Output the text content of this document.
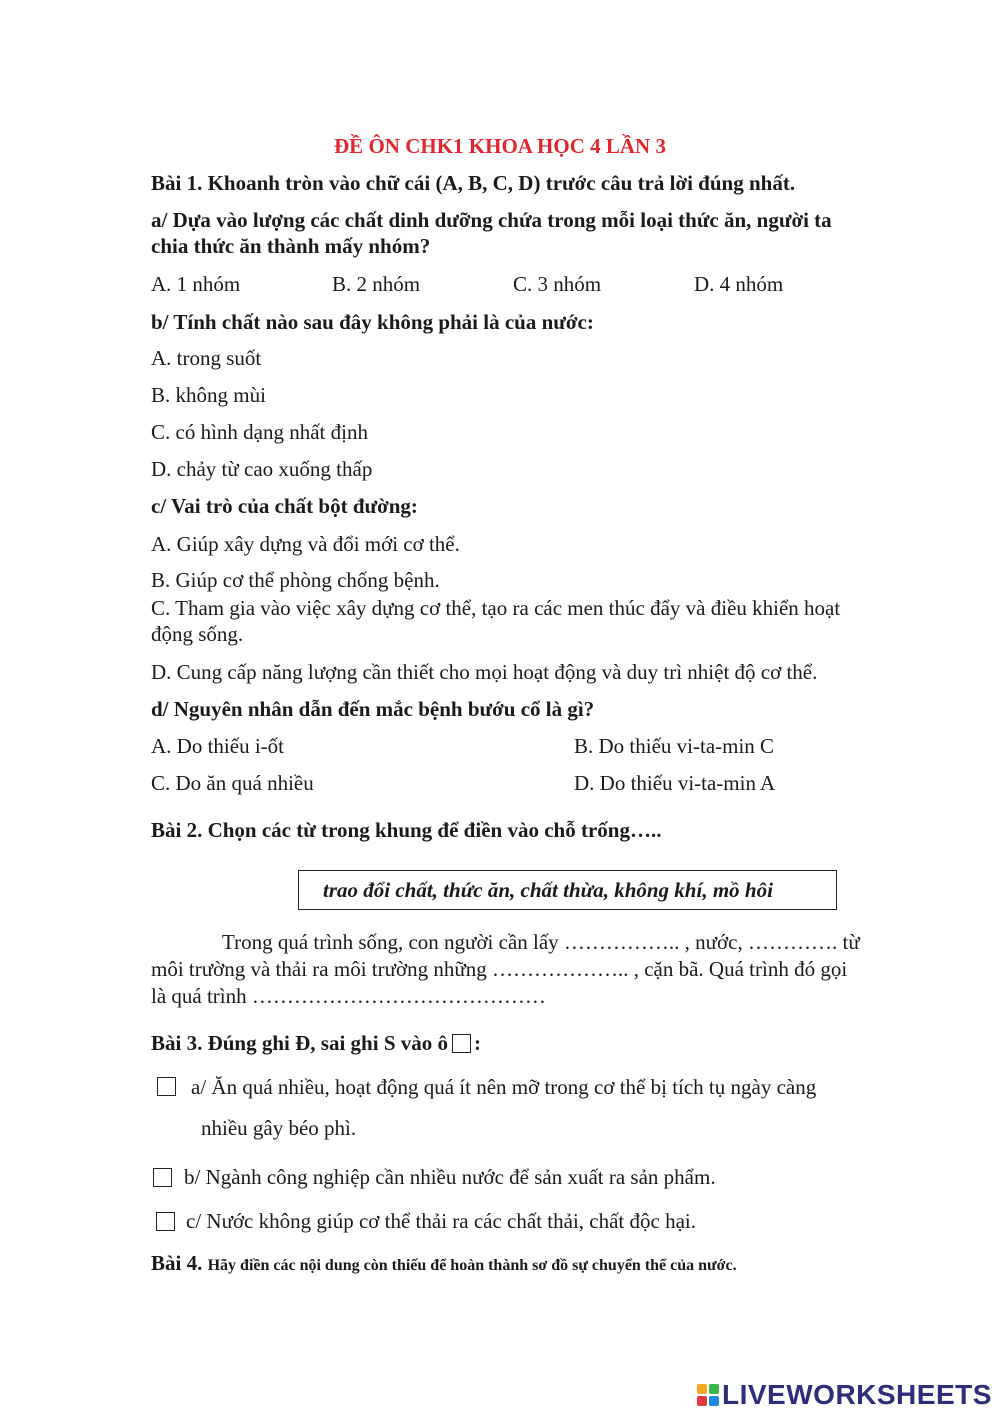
ĐỀ ÔN CHK1 KHOA HỌC 4 LẦN 3
Bài 1. Khoanh tròn vào chữ cái (A, B, C, D) trước câu trả lời đúng nhất.
a/ Dựa vào lượng các chất dinh dưỡng chứa trong mỗi loại thức ăn, người ta
chia thức ăn thành mấy nhóm?
A. 1 nhóm	B. 2 nhóm	C. 3 nhóm	D. 4 nhóm
b/ Tính chất nào sau đây không phải là của nước:
A. trong suốt
B. không mùi
C. có hình dạng nhất định
D. chảy từ cao xuống thấp
c/ Vai trò của chất bột đường:
A. Giúp xây dựng và đổi mới cơ thể.
B. Giúp cơ thể phòng chống bệnh.
C. Tham gia vào việc xây dựng cơ thể, tạo ra các men thúc đẩy và điều khiển hoạt
động sống.
D. Cung cấp năng lượng cần thiết cho mọi hoạt động và duy trì nhiệt độ cơ thể.
d/ Nguyên nhân dẫn đến mắc bệnh bướu cổ là gì?
A. Do thiếu i-ốt	B. Do thiếu vi-ta-min C
C. Do ăn quá nhiều	D. Do thiếu vi-ta-min A
Bài 2. Chọn các từ trong khung để điền vào chỗ trống…..
trao đổi chất, thức ăn, chất thừa, không khí, mồ hôi
Trong quá trình sống, con người cần lấy …………….. , nước, …………. từ
môi trường và thải ra môi trường những ……………….. , cặn bã. Quá trình đó gọi
là quá trình ……………………………………
Bài 3. Đúng ghi Đ, sai ghi S vào ô :
a/ Ăn quá nhiều, hoạt động quá ít nên mỡ trong cơ thể bị tích tụ ngày càng
nhiều gây béo phì.
b/ Ngành công nghiệp cần nhiều nước để sản xuất ra sản phẩm.
c/ Nước không giúp cơ thể thải ra các chất thải, chất độc hại.
Bài 4. Hãy điền các nội dung còn thiếu để hoàn thành sơ đồ sự chuyển thể của nước.
LIVEWORKSHEETS
